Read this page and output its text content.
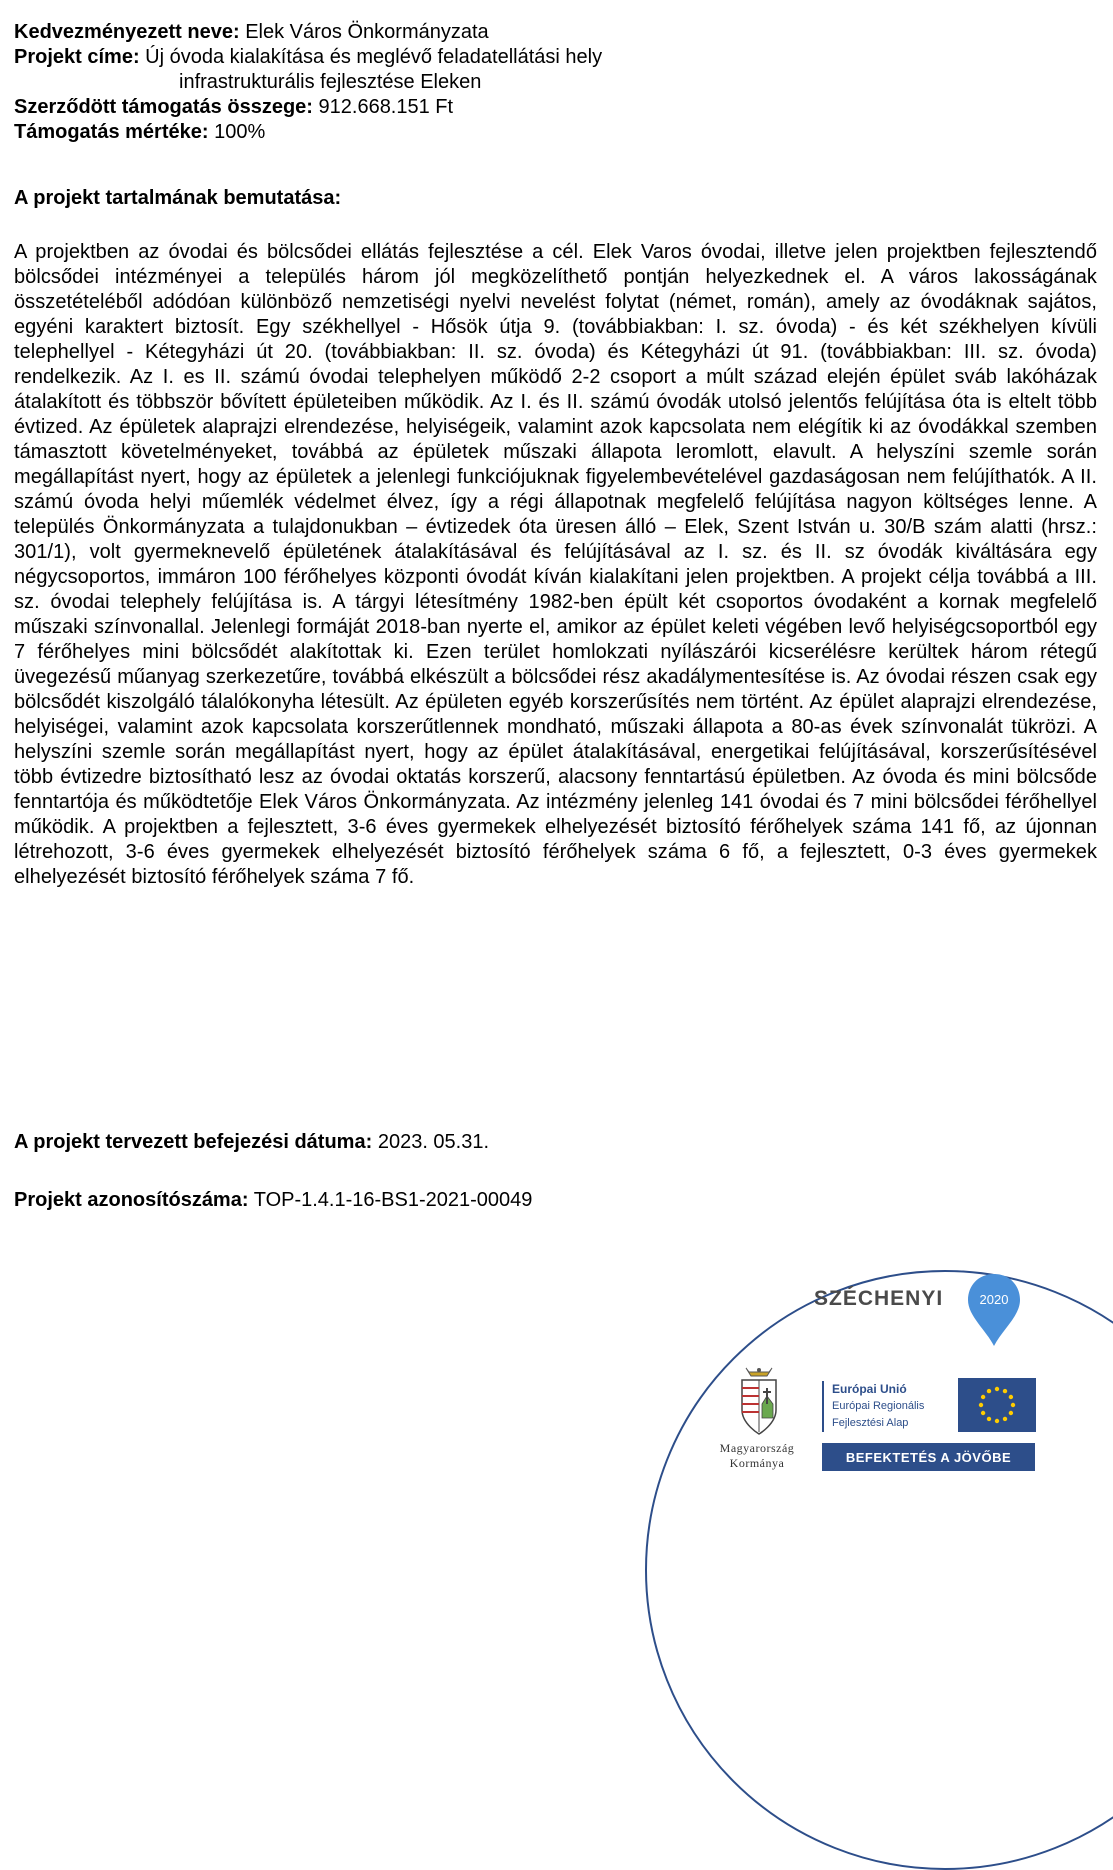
Kedvezményezett neve: Elek Város Önkormányzata
Projekt címe: Új óvoda kialakítása és meglévő feladatellátási hely
infrastrukturális fejlesztése Eleken
Szerződött támogatás összege: 912.668.151 Ft
Támogatás mértéke: 100%
A projekt tartalmának bemutatása:
A projektben az óvodai és bölcsődei ellátás fejlesztése a cél. Elek Varos óvodai, illetve jelen projektben fejlesztendő bölcsődei intézményei a település három jól megközelíthető pontján helyezkednek el. A város lakosságának összetételéből adódóan különböző nemzetiségi nyelvi nevelést folytat (német, román), amely az óvodáknak sajátos, egyéni karaktert biztosít. Egy székhellyel - Hősök útja 9. (továbbiakban: I. sz. óvoda) - és két székhelyen kívüli telephellyel - Kétegyházi út 20. (továbbiakban: II. sz. óvoda) és Kétegyházi út 91. (továbbiakban: III. sz. óvoda) rendelkezik. Az I. es II. számú óvodai telephelyen működő 2-2 csoport a múlt század elején épület sváb lakóházak átalakított és többször bővített épületeiben működik. Az I. és II. számú óvodák utolsó jelentős felújítása óta is eltelt több évtized. Az épületek alaprajzi elrendezése, helyiségeik, valamint azok kapcsolata nem elégítik ki az óvodákkal szemben támasztott követelményeket, továbbá az épületek műszaki állapota leromlott, elavult. A helyszíni szemle során megállapítást nyert, hogy az épületek a jelenlegi funkciójuknak figyelembevételével gazdaságosan nem felújíthatók. A II. számú óvoda helyi műemlék védelmet élvez, így a régi állapotnak megfelelő felújítása nagyon költséges lenne. A település Önkormányzata a tulajdonukban – évtizedek óta üresen álló – Elek, Szent István u. 30/B szám alatti (hrsz.: 301/1), volt gyermeknevelő épületének átalakításával és felújításával az I. sz. és II. sz óvodák kiváltására egy négycsoportos, immáron 100 férőhelyes központi óvodát kíván kialakítani jelen projektben. A projekt célja továbbá a III. sz. óvodai telephely felújítása is. A tárgyi létesítmény 1982-ben épült két csoportos óvodaként a kornak megfelelő műszaki színvonallal. Jelenlegi formáját 2018-ban nyerte el, amikor az épület keleti végében levő helyiségcsoportból egy 7 férőhelyes mini bölcsődét alakítottak ki. Ezen terület homlokzati nyílászárói kicserélésre kerültek három rétegű üvegezésű műanyag szerkezetűre, továbbá elkészült a bölcsődei rész akadálymentesítése is. Az óvodai részen csak egy bölcsődét kiszolgáló tálalókonyha létesült. Az épületen egyéb korszerűsítés nem történt. Az épület alaprajzi elrendezése, helyiségei, valamint azok kapcsolata korszerűtlennek mondható, műszaki állapota a 80-as évek színvonalát tükrözi. A helyszíni szemle során megállapítást nyert, hogy az épület átalakításával, energetikai felújításával, korszerűsítésével több évtizedre biztosítható lesz az óvodai oktatás korszerű, alacsony fenntartású épületben. Az óvoda és mini bölcsőde fenntartója és működtetője Elek Város Önkormányzata. Az intézmény jelenleg 141 óvodai és 7 mini bölcsődei férőhellyel működik. A projektben a fejlesztett, 3-6 éves gyermekek elhelyezését biztosító férőhelyek száma 141 fő, az újonnan létrehozott, 3-6 éves gyermekek elhelyezését biztosító férőhelyek száma 6 fő, a fejlesztett, 0-3 éves gyermekek elhelyezését biztosító férőhelyek száma 7 fő.
A projekt tervezett befejezési dátuma: 2023. 05.31.
Projekt azonosítószáma: TOP-1.4.1-16-BS1-2021-00049
SZÉCHENYI	2020
Magyarország
Kormánya
Európai Unió
Európai Regionális
Fejlesztési Alap
BEFEKTETÉS A JÖVŐBE
